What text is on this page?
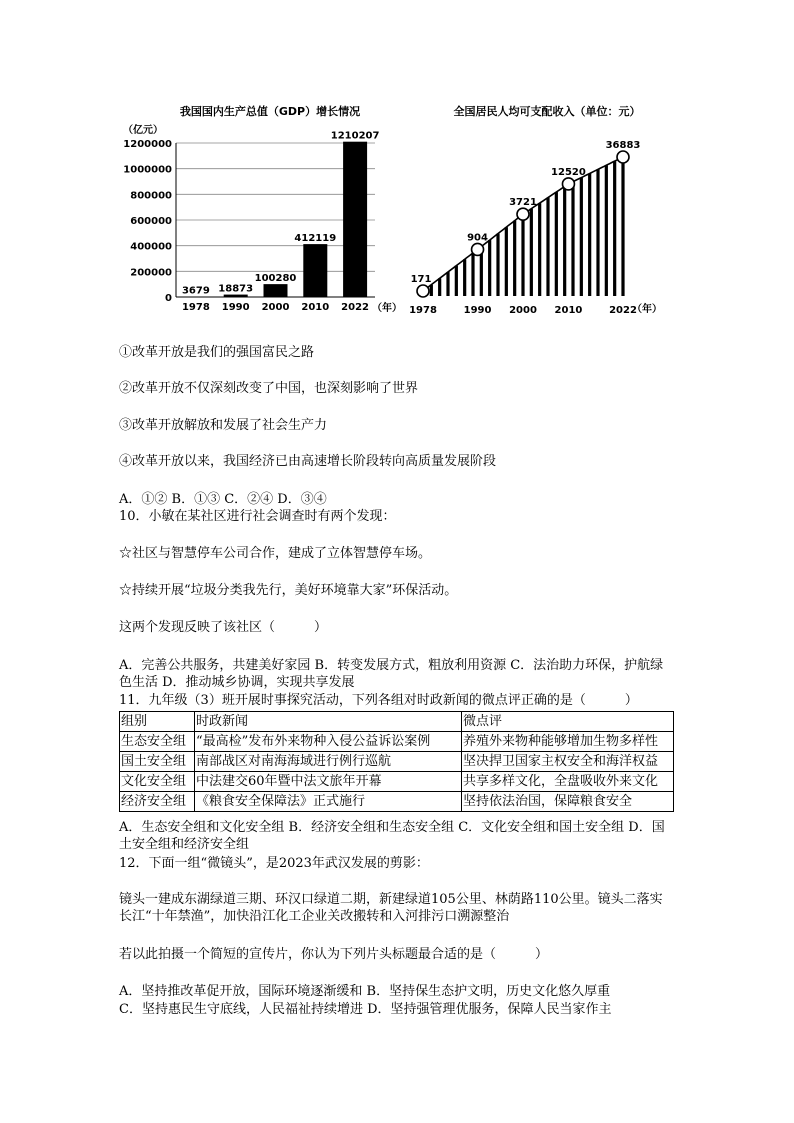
我国国内生产总值（GDP）增长情况
（亿元）
0
200000
400000
600000
800000
1000000
1200000
3679 18873
100280
412119
1210207
1978 1990 2000 2010 2022 （年）
全国居民人均可支配收入（单位：元）
171
904
3721
12520
36883
1978	1990 2000 2010	2022
（年）
①改革开放是我们的强国富民之路
②改革开放不仅深刻改变了中国，也深刻影响了世界
③改革开放解放和发展了社会生产力
④改革开放以来，我国经济已由高速增长阶段转向高质量发展阶段
A．①② B．①③ C．②④ D．③④
10．小敏在某社区进行社会调查时有两个发现：
☆社区与智慧停车公司合作，建成了立体智慧停车场。
☆持续开展“垃圾分类我先行，美好环境靠大家”环保活动。
这两个发现反映了该社区（　　　）
A．完善公共服务，共建美好家园 B．转变发展方式，粗放利用资源 C．法治助力环保，护航绿色生活 D．推动城乡协调，实现共享发展
11．九年级（3）班开展时事探究活动，下列各组对时政新闻的微点评正确的是（　　　）
组别	时政新闻	微点评
生态安全组	“最高检”发布外来物种入侵公益诉讼案例	养殖外来物种能够增加生物多样性
国土安全组	南部战区对南海海域进行例行巡航	坚决捍卫国家主权安全和海洋权益
文化安全组	中法建交60年暨中法文旅年开幕	共享多样文化，全盘吸收外来文化
经济安全组	《粮食安全保障法》正式施行	坚持依法治国，保障粮食安全
A．生态安全组和文化安全组 B．经济安全组和生态安全组 C．文化安全组和国土安全组 D．国土安全组和经济安全组
12．下面一组“微镜头”，是2023年武汉发展的剪影：
镜头一建成东湖绿道三期、环汉口绿道二期，新建绿道105公里、林荫路110公里。镜头二落实长江“十年禁渔”，加快沿江化工企业关改搬转和入河排污口溯源整治
若以此拍摄一个简短的宣传片，你认为下列片头标题最合适的是（　　　）
A．坚持推改革促开放，国际环境逐渐缓和 B．坚持保生态护文明，历史文化悠久厚重
C．坚持惠民生守底线，人民福祉持续增进 D．坚持强管理优服务，保障人民当家作主
